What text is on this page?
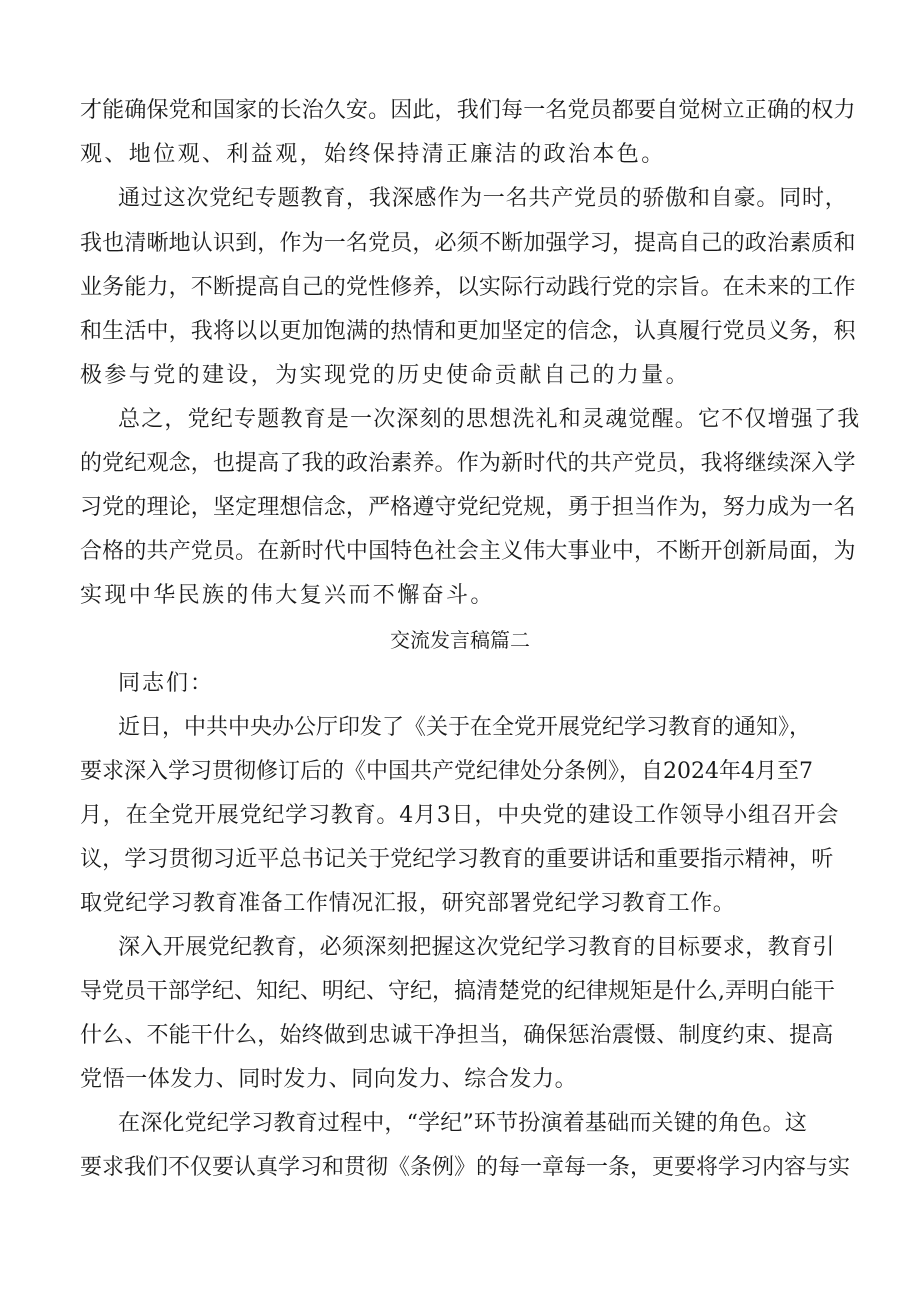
才能确保党和国家的长治久安。因此，我们每一名党员都要自觉树立正确的权力
观、地位观、利益观，始终保持清正廉洁的政治本色。
通过这次党纪专题教育，我深感作为一名共产党员的骄傲和自豪。同时，
我也清晰地认识到，作为一名党员，必须不断加强学习，提高自己的政治素质和
业务能力，不断提高自己的党性修养，以实际行动践行党的宗旨。在未来的工作
和生活中，我将以以更加饱满的热情和更加坚定的信念，认真履行党员义务，积
极参与党的建设，为实现党的历史使命贡献自己的力量。
总之，党纪专题教育是一次深刻的思想洗礼和灵魂觉醒。它不仅增强了我
的党纪观念，也提高了我的政治素养。作为新时代的共产党员，我将继续深入学
习党的理论，坚定理想信念，严格遵守党纪党规，勇于担当作为，努力成为一名
合格的共产党员。在新时代中国特色社会主义伟大事业中，不断开创新局面，为
实现中华民族的伟大复兴而不懈奋斗。
交流发言稿篇二
同志们：
近日，中共中央办公厅印发了《关于在全党开展党纪学习教育的通知》，
要求深入学习贯彻修订后的《中国共产党纪律处分条例》，自2024年4月至7
月，在全党开展党纪学习教育。4月3日，中央党的建设工作领导小组召开会
议，学习贯彻习近平总书记关于党纪学习教育的重要讲话和重要指示精神，听
取党纪学习教育准备工作情况汇报，研究部署党纪学习教育工作。
深入开展党纪教育，必须深刻把握这次党纪学习教育的目标要求，教育引
导党员干部学纪、知纪、明纪、守纪，搞清楚党的纪律规矩是什么,弄明白能干
什么、不能干什么，始终做到忠诚干净担当，确保惩治震慑、制度约束、提高
党悟一体发力、同时发力、同向发力、综合发力。
在深化党纪学习教育过程中，“学纪”环节扮演着基础而关键的角色。这
要求我们不仅要认真学习和贯彻《条例》的每一章每一条，更要将学习内容与实
